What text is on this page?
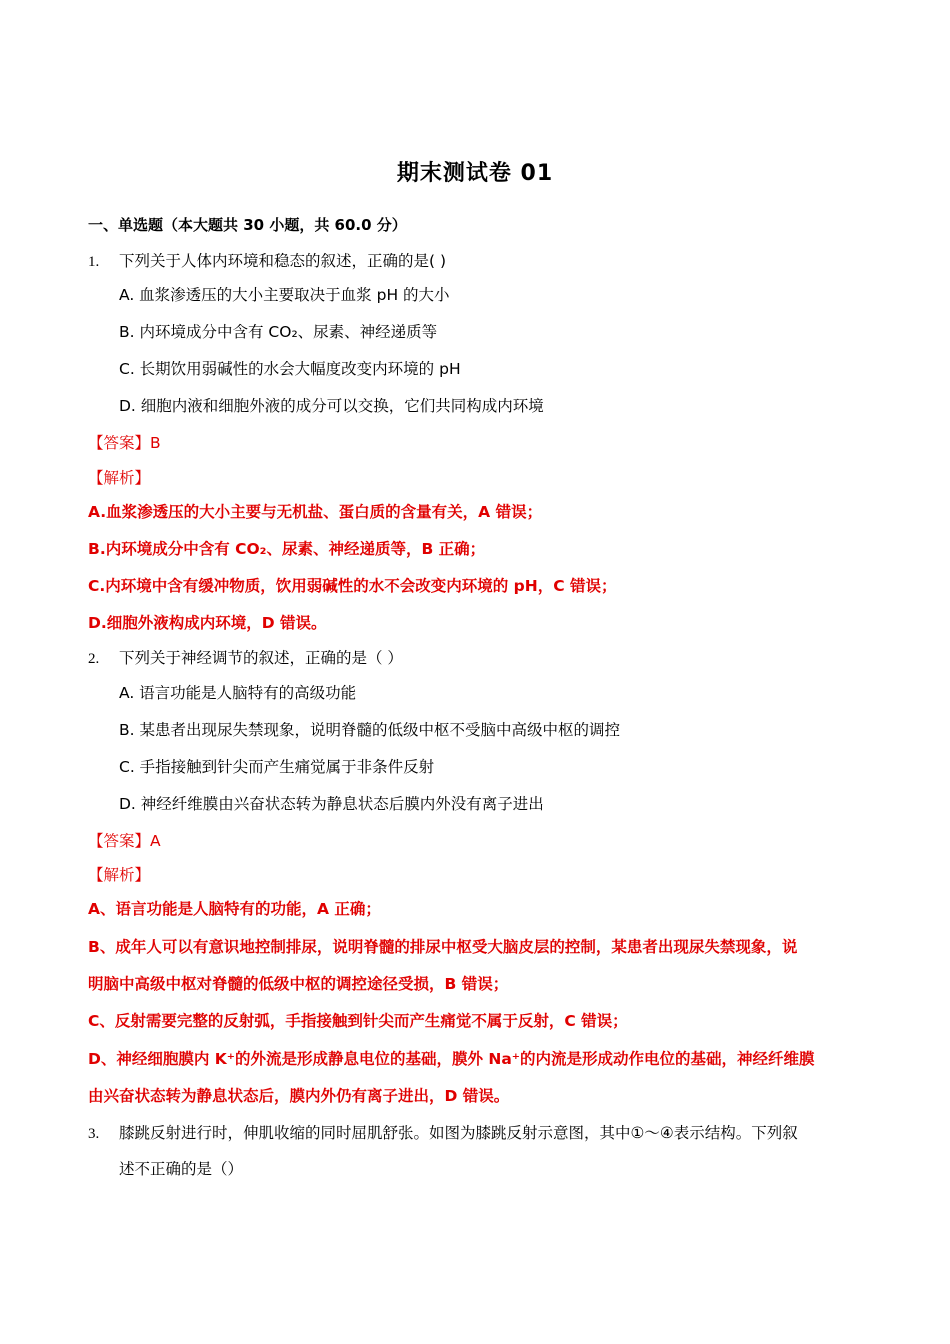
期末测试卷 01
一、单选题（本大题共 30 小题，共 60.0 分）
1. 下列关于人体内环境和稳态的叙述，正确的是( )
A. 血浆渗透压的大小主要取决于血浆 pH 的大小
B. 内环境成分中含有 CO₂、尿素、神经递质等
C. 长期饮用弱碱性的水会大幅度改变内环境的 pH
D. 细胞内液和细胞外液的成分可以交换，它们共同构成内环境
【答案】B
【解析】
A.血浆渗透压的大小主要与无机盐、蛋白质的含量有关，A 错误；
B.内环境成分中含有 CO₂、尿素、神经递质等，B 正确；
C.内环境中含有缓冲物质，饮用弱碱性的水不会改变内环境的 pH，C 错误；
D.细胞外液构成内环境，D 错误。
2. 下列关于神经调节的叙述，正确的是（ ）
A. 语言功能是人脑特有的高级功能
B. 某患者出现尿失禁现象，说明脊髓的低级中枢不受脑中高级中枢的调控
C. 手指接触到针尖而产生痛觉属于非条件反射
D. 神经纤维膜由兴奋状态转为静息状态后膜内外没有离子进出
【答案】A
【解析】
A、语言功能是人脑特有的功能，A 正确；
B、成年人可以有意识地控制排尿，说明脊髓的排尿中枢受大脑皮层的控制，某患者出现尿失禁现象，说
明脑中高级中枢对脊髓的低级中枢的调控途径受损，B 错误；
C、反射需要完整的反射弧，手指接触到针尖而产生痛觉不属于反射，C 错误；
D、神经细胞膜内 K⁺的外流是形成静息电位的基础，膜外 Na⁺的内流是形成动作电位的基础，神经纤维膜
由兴奋状态转为静息状态后，膜内外仍有离子进出，D 错误。
3. 膝跳反射进行时，伸肌收缩的同时屈肌舒张。如图为膝跳反射示意图，其中①～④表示结构。下列叙
述不正确的是（）
